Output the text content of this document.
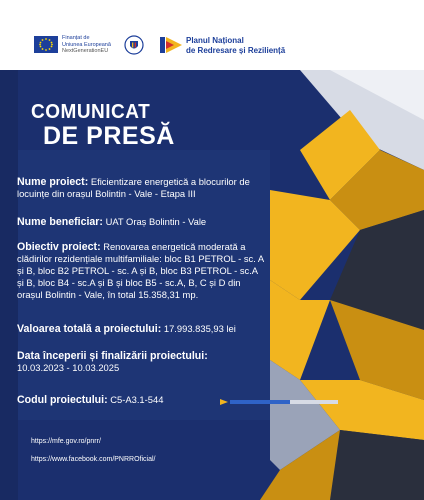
Finanțat de
Uniunea Europeană
NextGenerationEU
Planul Național
de Redresare și Reziliență
COMUNICAT
DE PRESĂ
Nume proiect: Eficientizare energetică a blocurilor de locuințe din orașul Bolintin - Vale - Etapa III
Nume beneficiar: UAT Oraș Bolintin - Vale
Obiectiv proiect: Renovarea energetică moderată a clădirilor rezidențiale multifamiliale: bloc B1 PETROL - sc. A și B, bloc B2 PETROL - sc. A și B, bloc B3 PETROL - sc.A și B, bloc B4 - sc.A și B și bloc B5 - sc.A, B, C și D din orașul Bolintin - Vale, în total 15.358,31 mp.
Valoarea totală a proiectului: 17.993.835,93 lei
Data începerii și finalizării proiectului:
10.03.2023 - 10.03.2025
Codul proiectului: C5-A3.1-544
https://mfe.gov.ro/pnrr/
https://www.facebook.com/PNRROficial/
